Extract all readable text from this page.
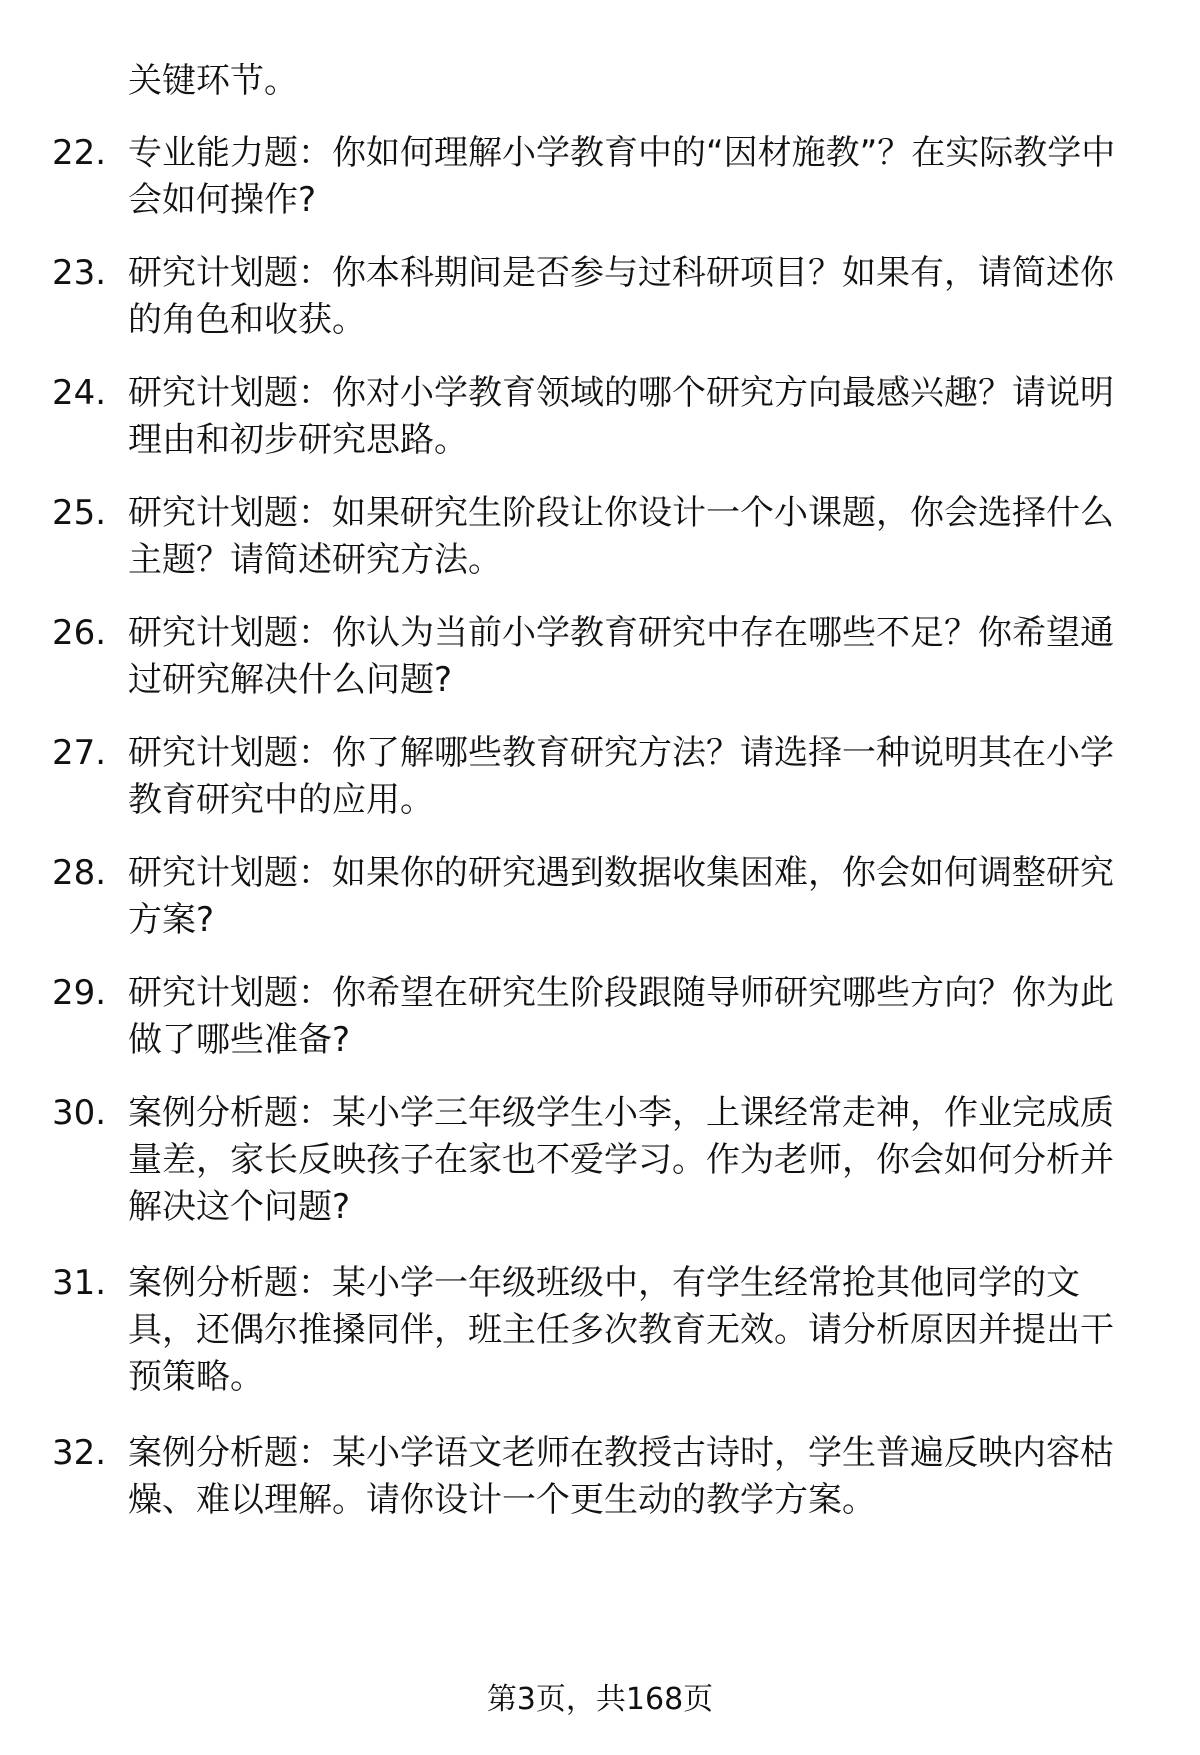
关键环节。
22. 专业能力题：你如何理解小学教育中的“因材施教”？在实际教学中会如何操作?
23. 研究计划题：你本科期间是否参与过科研项目？如果有，请简述你的角色和收获。
24. 研究计划题：你对小学教育领域的哪个研究方向最感兴趣？请说明理由和初步研究思路。
25. 研究计划题：如果研究生阶段让你设计一个小课题，你会选择什么主题？请简述研究方法。
26. 研究计划题：你认为当前小学教育研究中存在哪些不足？你希望通过研究解决什么问题?
27. 研究计划题：你了解哪些教育研究方法？请选择一种说明其在小学教育研究中的应用。
28. 研究计划题：如果你的研究遇到数据收集困难，你会如何调整研究方案?
29. 研究计划题：你希望在研究生阶段跟随导师研究哪些方向？你为此做了哪些准备?
30. 案例分析题：某小学三年级学生小李，上课经常走神，作业完成质量差，家长反映孩子在家也不爱学习。作为老师，你会如何分析并解决这个问题?
31. 案例分析题：某小学一年级班级中，有学生经常抢其他同学的文具，还偶尔推搡同伴，班主任多次教育无效。请分析原因并提出干预策略。
32. 案例分析题：某小学语文老师在教授古诗时，学生普遍反映内容枯燥、难以理解。请你设计一个更生动的教学方案。
第3页，共168页
